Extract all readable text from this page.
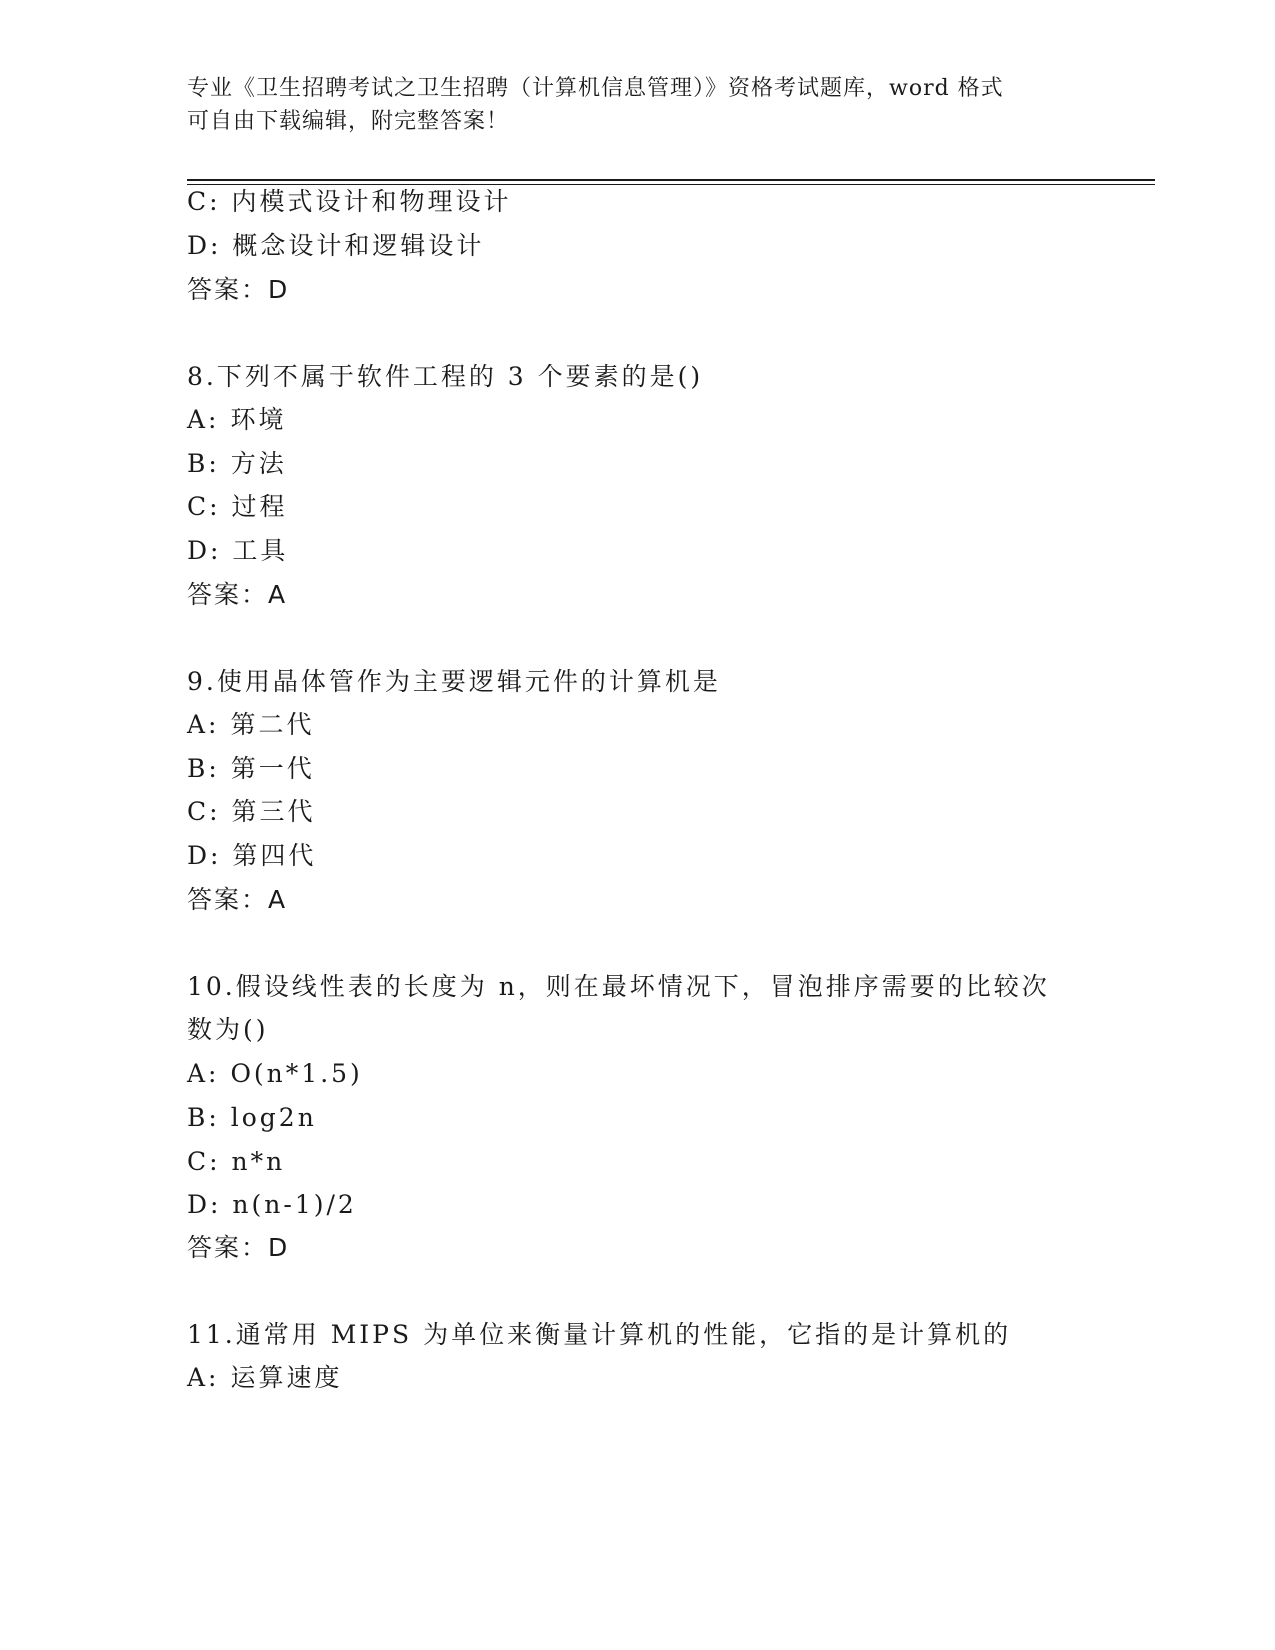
专业《卫生招聘考试之卫生招聘（计算机信息管理）》资格考试题库，word 格式
可自由下载编辑，附完整答案！
C: 内模式设计和物理设计
D: 概念设计和逻辑设计
答案：D
8.下列不属于软件工程的 3 个要素的是()
A: 环境
B: 方法
C: 过程
D: 工具
答案：A
9.使用晶体管作为主要逻辑元件的计算机是
A: 第二代
B: 第一代
C: 第三代
D: 第四代
答案：A
10.假设线性表的长度为 n，则在最坏情况下，冒泡排序需要的比较次
数为()
A: O(n*1.5)
B: log2n
C: n*n
D: n(n-1)/2
答案：D
11.通常用 MIPS 为单位来衡量计算机的性能，它指的是计算机的
A: 运算速度
